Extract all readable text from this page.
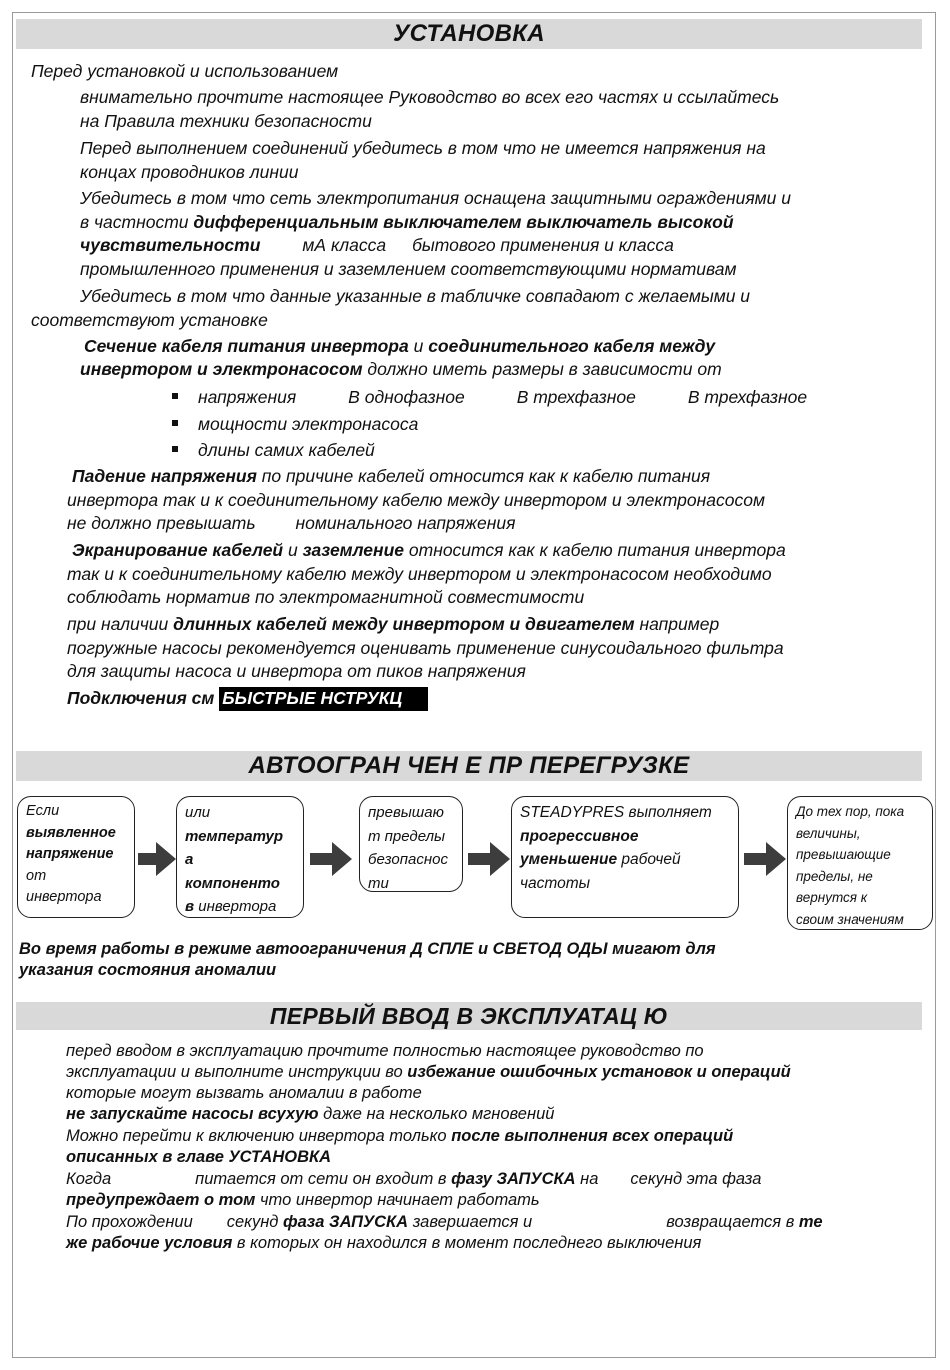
УСТАНОВКА

Перед установкой и использованием

внимательно прочтите настоящее Руководство во всех его частях и ссылайтесь

на Правила техники безопасности

Перед выполнением соединений убедитесь в том что не имеется напряжения на

концах проводников линии

Убедитесь в том что сеть электропитания оснащена защитными ограждениями и

в частности дифференциальным выключателем выключатель высокой

чувствительности мА класса бытового применения и класса

промышленного применения и заземлением соответствующими нормативам

Убедитесь в том что данные указанные в табличке совпадают с желаемыми и

соответствуют установке

Сечение кабеля питания инвертора и соединительного кабеля между

инвертором и электронасосом должно иметь размеры в зависимости от

напряжения	В однофазное	В трехфазное	В трехфазное
мощности электронасоса
длины самих кабелей

Падение напряжения по причине кабелей относится как к кабелю питания

инвертора так и к соединительному кабелю между инвертором и электронасосом

не должно превышать номинального напряжения

Экранирование кабелей и заземление относится как к кабелю питания инвертора

так и к соединительному кабелю между инвертором и электронасосом необходимо

соблюдать норматив по электромагнитной совместимости

при наличии длинных кабелей между инвертором и двигателем например

погружные насосы рекомендуется оценивать применение синусоидального фильтра

для защиты насоса и инвертора от пиков напряжения

Подключения см БЫСТРЫЕ НСТРУКЦ

АВТООГРАН ЧЕН Е ПР ПЕРЕГРУЗКЕ
Если
выявленное
напряжение
от
инвертора
или
температур
а
компоненто
в инвертора
превышаю
т пределы
безопаснос
ти
STEADYPRES выполняет
прогрессивное
уменьшение рабочей
частоты
До тех пор, пока
величины,
превышающие
пределы, не
вернутся к
своим значениям

Во время работы в режиме автоограничения Д СПЛЕ и СВЕТОД ОДЫ мигают для

указания состояния аномалии

ПЕРВЫЙ ВВОД В ЭКСПЛУАТАЦ Ю
перед вводом в эксплуатацию прочтите полностью настоящее руководство по
эксплуатации и выполните инструкции во избежание ошибочных установок и операций
которые могут вызвать аномалии в работе
не запускайте насосы всухую даже на несколько мгновений
Можно перейти к включению инвертора только после выполнения всех операций
описанных в главе УСТАНОВКА
Когда	питается от сети он входит в фазу ЗАПУСКА на секунд эта фаза
предупреждает о том что инвертор начинает работать
По прохождении секунд фаза ЗАПУСКА завершается и	возвращается в те
же рабочие условия в которых он находился в момент последнего выключения
